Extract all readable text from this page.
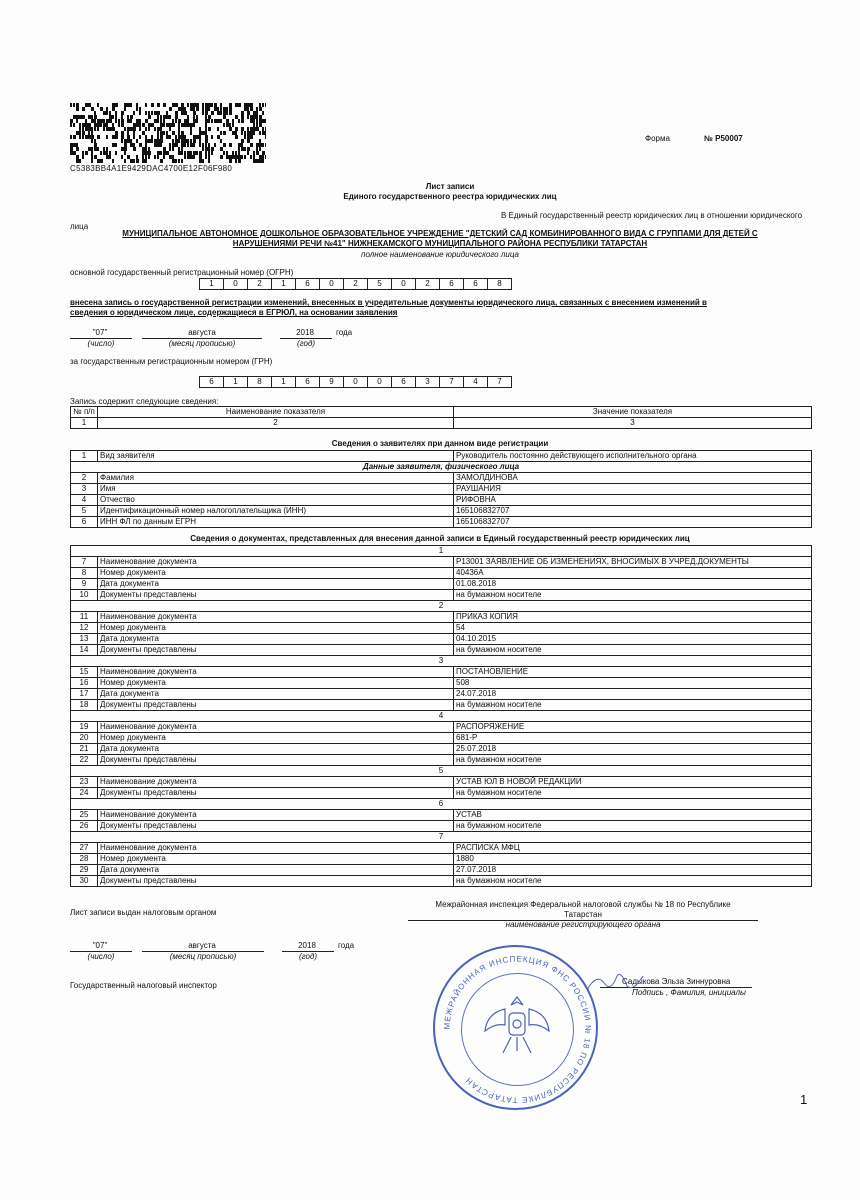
C5383BB4A1E9429DAC4700E12F06F980
Форма	№ Р50007
Лист записи
Единого государственного реестра юридических лиц
В Единый государственный реестр юридических лиц в отношении юридического
лица
МУНИЦИПАЛЬНОЕ АВТОНОМНОЕ ДОШКОЛЬНОЕ ОБРАЗОВАТЕЛЬНОЕ УЧРЕЖДЕНИЕ "ДЕТСКИЙ САД КОМБИНИРОВАННОГО ВИДА С ГРУППАМИ ДЛЯ ДЕТЕЙ С
НАРУШЕНИЯМИ РЕЧИ №41" НИЖНЕКАМСКОГО МУНИЦИПАЛЬНОГО РАЙОНА РЕСПУБЛИКИ ТАТАРСТАН
полное наименование юридического лица
основной государственный регистрационный номер (ОГРН)
1	0	2	1	6	0	2	5	0	2	6	6	8
внесена запись о государственной регистрации изменений, внесенных в учредительные документы юридического лица, связанных с внесением изменений в
сведения о юридическом лице, содержащиеся в ЕГРЮЛ, на основании заявления
"07"	августа	2018	года
(число)	(месяц прописью)	(год)
за государственным регистрационным номером (ГРН)
6	1	8	1	6	9	0	0	6	3	7	4	7
Запись содержит следующие сведения:
№ п/п	Наименование показателя	Значение показателя
1	2	3
Сведения о заявителях при данном виде регистрации
1	Вид заявителя	Руководитель постоянно действующего исполнительного органа
Данные заявителя, физического лица		
2	Фамилия	ЗАМОЛДИНОВА
3	Имя	РАУШАНИЯ
4	Отчество	РИФОВНА
5	Идентификационный номер налогоплательщика (ИНН)	165106832707
6	ИНН ФЛ по данным ЕГРН	165106832707
Сведения о документах, представленных для внесения данной записи в Единый государственный реестр юридических лиц
1		
7	Наименование документа	Р13001 ЗАЯВЛЕНИЕ ОБ ИЗМЕНЕНИЯХ, ВНОСИМЫХ В УЧРЕД.ДОКУМЕНТЫ
8	Номер документа	40436А
9	Дата документа	01.08.2018
10	Документы представлены	на бумажном носителе
2		
11	Наименование документа	ПРИКАЗ КОПИЯ
12	Номер документа	54
13	Дата документа	04.10.2015
14	Документы представлены	на бумажном носителе
3		
15	Наименование документа	ПОСТАНОВЛЕНИЕ
16	Номер документа	508
17	Дата документа	24.07.2018
18	Документы представлены	на бумажном носителе
4		
19	Наименование документа	РАСПОРЯЖЕНИЕ
20	Номер документа	681-Р
21	Дата документа	25.07.2018
22	Документы представлены	на бумажном носителе
5		
23	Наименование документа	УСТАВ ЮЛ В НОВОЙ РЕДАКЦИИ
24	Документы представлены	на бумажном носителе
6		
25	Наименование документа	УСТАВ
26	Документы представлены	на бумажном носителе
7		
27	Наименование документа	РАСПИСКА МФЦ
28	Номер документа	1880
29	Дата документа	27.07.2018
30	Документы представлены	на бумажном носителе
Лист записи выдан налоговым органом
Межрайонная инспекция Федеральной налоговой службы № 18 по Республике
Татарстан
наименование регистрирующего органа
"07"	августа	2018	года
(число)	(месяц прописью)	(год)
Государственный налоговый инспектор
МЕЖРАЙОННАЯ ИНСПЕКЦИЯ ФНС РОССИИ № 18 ПО РЕСПУБЛИКЕ ТАТАРСТАН
Садыкова Эльза Зиннуровна
Подпись , Фамилия, инициалы
1
